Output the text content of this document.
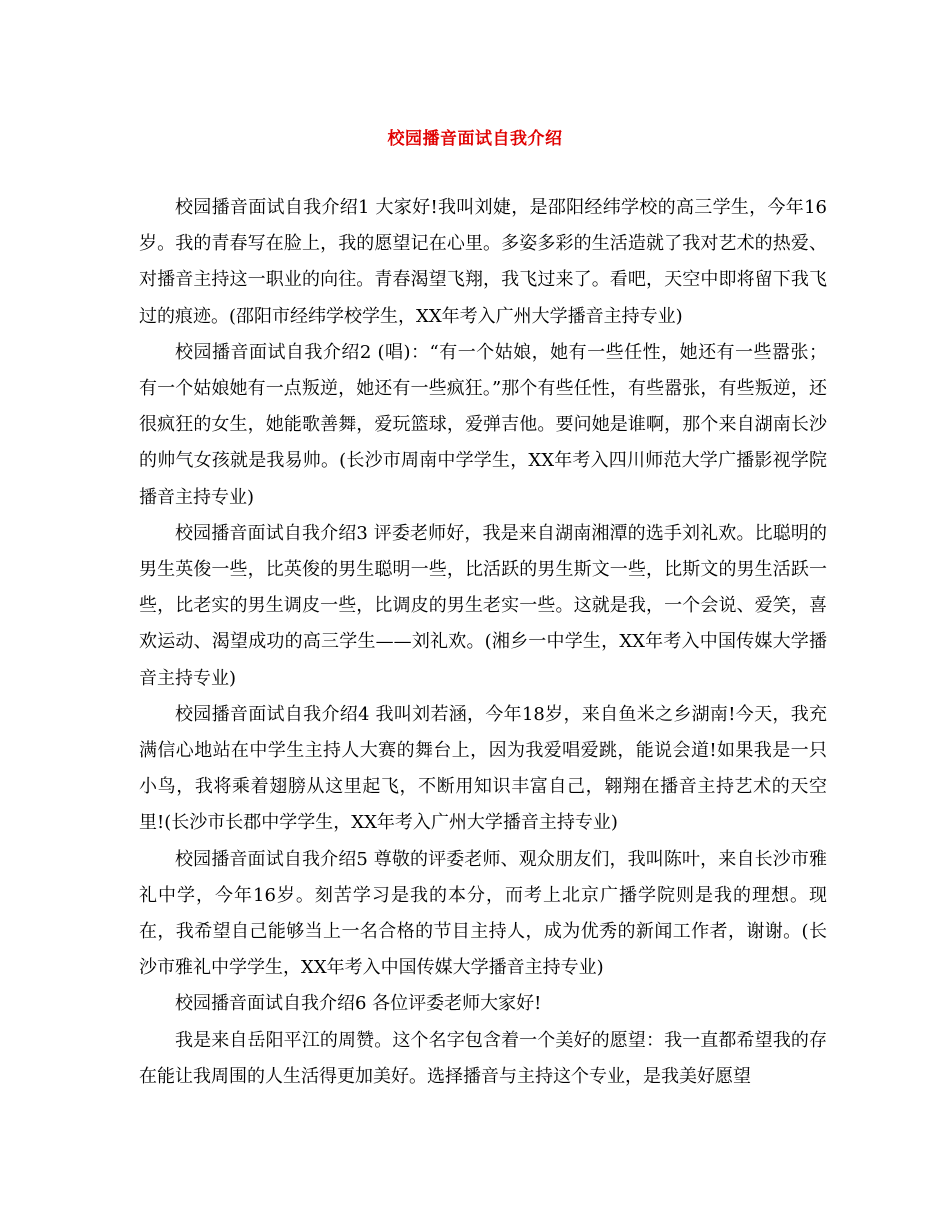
校园播音面试自我介绍

校园播音面试自我介绍1 大家好!我叫刘婕，是邵阳经纬学校的高三学生，今年16岁。我的青春写在脸上，我的愿望记在心里。多姿多彩的生活造就了我对艺术的热爱、对播音主持这一职业的向往。青春渴望飞翔，我飞过来了。看吧，天空中即将留下我飞过的痕迹。(邵阳市经纬学校学生，XX年考入广州大学播音主持专业)

校园播音面试自我介绍2 (唱)：“有一个姑娘，她有一些任性，她还有一些嚣张；有一个姑娘她有一点叛逆，她还有一些疯狂。”那个有些任性，有些嚣张，有些叛逆，还很疯狂的女生，她能歌善舞，爱玩篮球，爱弹吉他。要问她是谁啊，那个来自湖南长沙的帅气女孩就是我易帅。(长沙市周南中学学生，XX年考入四川师范大学广播影视学院播音主持专业)

校园播音面试自我介绍3 评委老师好，我是来自湖南湘潭的选手刘礼欢。比聪明的男生英俊一些，比英俊的男生聪明一些，比活跃的男生斯文一些，比斯文的男生活跃一些，比老实的男生调皮一些，比调皮的男生老实一些。这就是我，一个会说、爱笑，喜欢运动、渴望成功的高三学生——刘礼欢。(湘乡一中学生，XX年考入中国传媒大学播音主持专业)

校园播音面试自我介绍4 我叫刘若涵，今年18岁，来自鱼米之乡湖南!今天，我充满信心地站在中学生主持人大赛的舞台上，因为我爱唱爱跳，能说会道!如果我是一只小鸟，我将乘着翅膀从这里起飞，不断用知识丰富自己，翱翔在播音主持艺术的天空里!(长沙市长郡中学学生，XX年考入广州大学播音主持专业)

校园播音面试自我介绍5 尊敬的评委老师、观众朋友们，我叫陈叶，来自长沙市雅礼中学，今年16岁。刻苦学习是我的本分，而考上北京广播学院则是我的理想。现在，我希望自己能够当上一名合格的节目主持人，成为优秀的新闻工作者，谢谢。(长沙市雅礼中学学生，XX年考入中国传媒大学播音主持专业)

校园播音面试自我介绍6 各位评委老师大家好!

我是来自岳阳平江的周赞。这个名字包含着一个美好的愿望：我一直都希望我的存在能让我周围的人生活得更加美好。选择播音与主持这个专业，是我美好愿望
